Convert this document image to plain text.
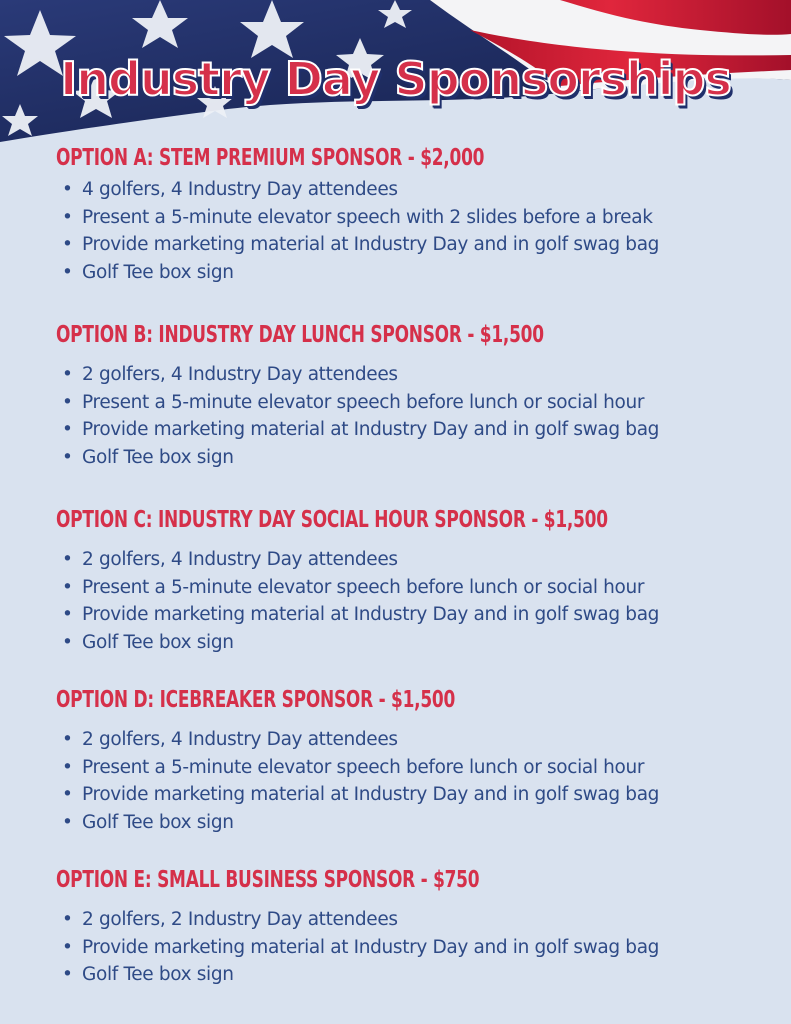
Industry Day Sponsorships
OPTION A: STEM PREMIUM SPONSOR - $2,000
• 4 golfers, 4 Industry Day attendees
• Present a 5-minute elevator speech with 2 slides before a break
• Provide marketing material at Industry Day and in golf swag bag
• Golf Tee box sign
OPTION B: INDUSTRY DAY LUNCH SPONSOR - $1,500
• 2 golfers, 4 Industry Day attendees
• Present a 5-minute elevator speech before lunch or social hour
• Provide marketing material at Industry Day and in golf swag bag
• Golf Tee box sign
OPTION C: INDUSTRY DAY SOCIAL HOUR SPONSOR - $1,500
• 2 golfers, 4 Industry Day attendees
• Present a 5-minute elevator speech before lunch or social hour
• Provide marketing material at Industry Day and in golf swag bag
• Golf Tee box sign
OPTION D: ICEBREAKER SPONSOR - $1,500
• 2 golfers, 4 Industry Day attendees
• Present a 5-minute elevator speech before lunch or social hour
• Provide marketing material at Industry Day and in golf swag bag
• Golf Tee box sign
OPTION E: SMALL BUSINESS SPONSOR - $750
• 2 golfers, 2 Industry Day attendees
• Provide marketing material at Industry Day and in golf swag bag
• Golf Tee box sign
